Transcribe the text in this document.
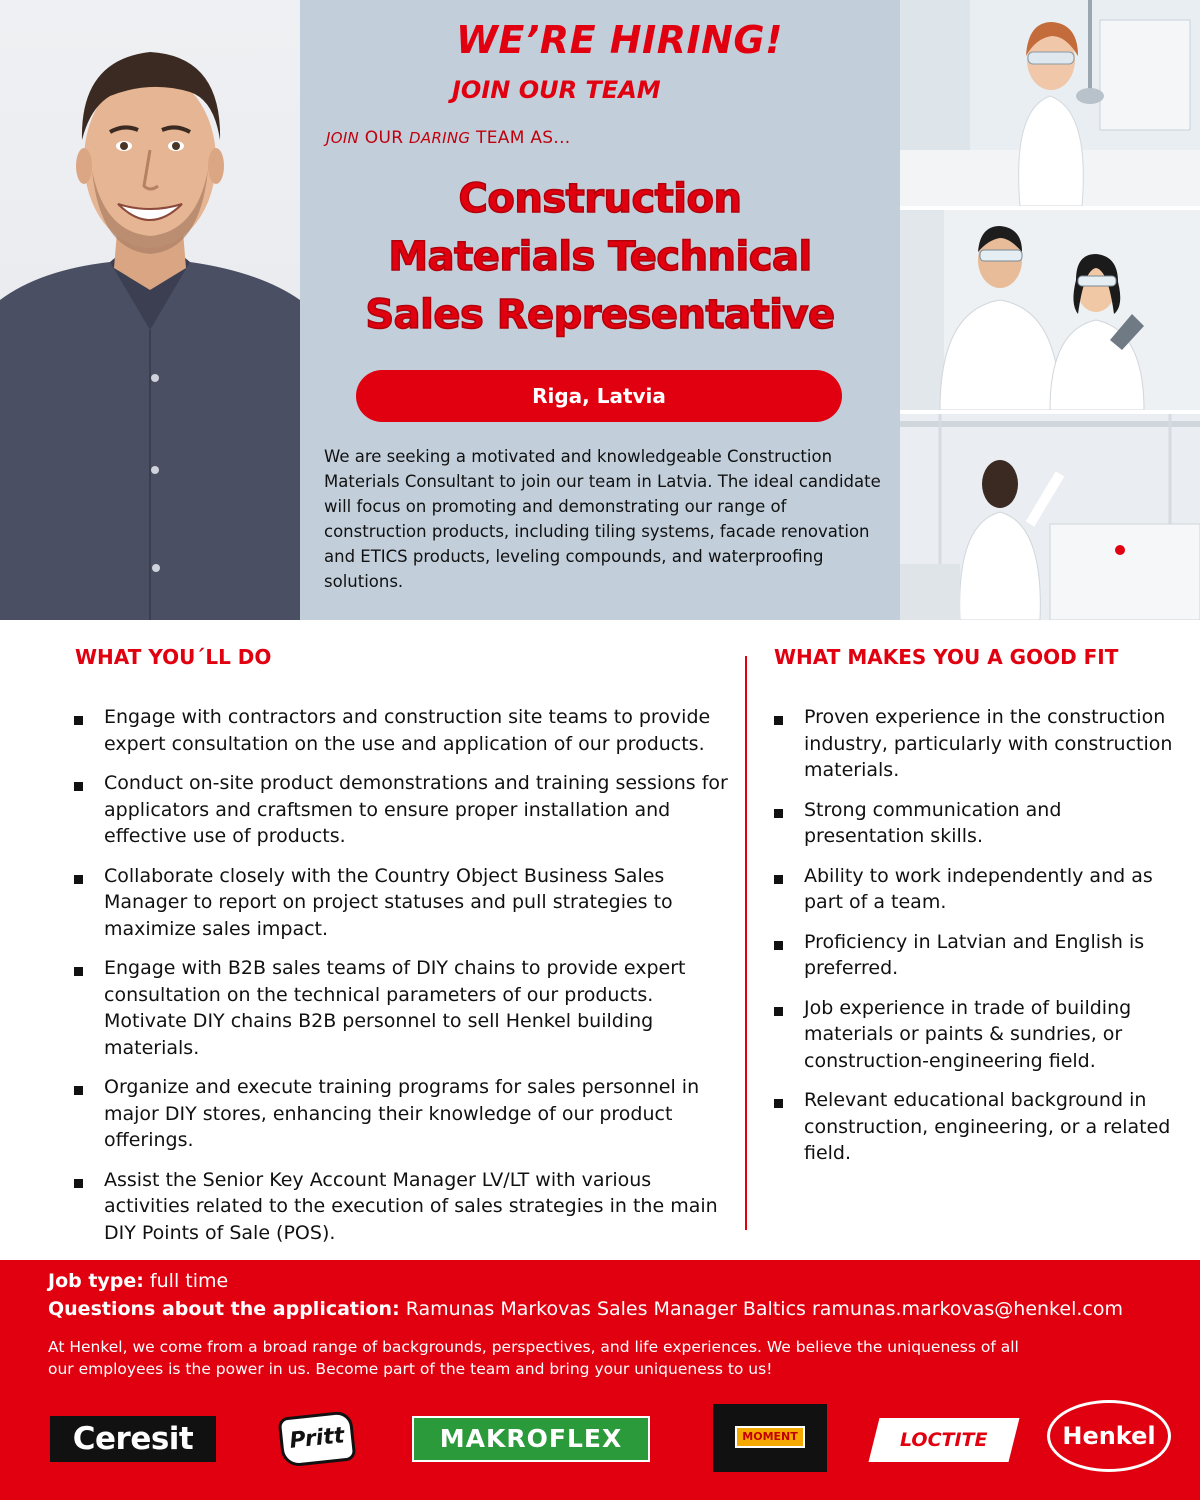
WE’RE HIRING!
JOIN OUR TEAM
JOIN OUR DARING TEAM AS...
Construction
Materials Technical
Sales Representative
Riga, Latvia

We are seeking a motivated and knowledgeable Construction Materials Consultant to join our team in Latvia. The ideal candidate will focus on promoting and demonstrating our range of construction products, including tiling systems, facade renovation and ETICS products, leveling compounds, and waterproofing solutions.

WHAT YOU´LL DO	WHAT MAKES YOU A GOOD FIT
Engage with contractors and construction site teams to provide expert consultation on the use and application of our products.
Conduct on-site product demonstrations and training sessions for applicators and craftsmen to ensure proper installation and effective use of products.
Collaborate closely with the Country Object Business Sales Manager to report on project statuses and pull strategies to maximize sales impact.
Engage with B2B sales teams of DIY chains to provide expert consultation on the technical parameters of our products. Motivate DIY chains B2B personnel to sell Henkel building materials.
Organize and execute training programs for sales personnel in major DIY stores, enhancing their knowledge of our product offerings.
Assist the Senior Key Account Manager LV/LT with various activities related to the execution of sales strategies in the main DIY Points of Sale (POS).
Proven experience in the construction industry, particularly with construction materials.
Strong communication and presentation skills.
Ability to work independently and as part of a team.
Proficiency in Latvian and English is preferred.
Job experience in trade of building materials or paints & sundries, or construction-engineering field.
Relevant educational background in construction, engineering, or a related field.
Job type: full time
Questions about the application: Ramunas Markovas Sales Manager Baltics ramunas.markovas@henkel.com

At Henkel, we come from a broad range of backgrounds, perspectives, and life experiences. We believe the uniqueness of all our employees is the power in us. Become part of the team and bring your uniqueness to us!

Ceresit	Pritt	MAKROFLEX	MOMENT	LOCTITE	Henkel
